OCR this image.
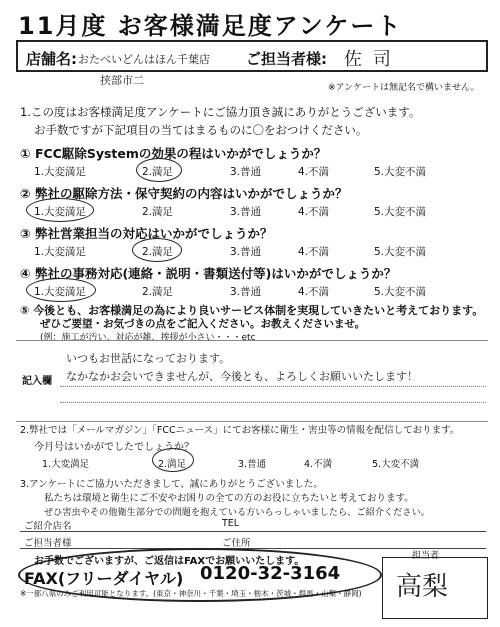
11月度 お客様満足度アンケート
店舗名: おたべいどんはほん千葉店 ご担当者様: 佐 司
挟部市二
※アンケートは無記名で構いません。
1.この度はお客様満足度アンケートにご協力頂き誠にありがとうございます。
お手数ですが下記項目の当てはまるものに〇をおつけください。
① FCC駆除Systemの効果の程はいかがでしょうか？
1.大変満足	2.満足	3.普通	4.不満	5.大変不満
② 弊社の駆除方法・保守契約の内容はいかがでしょうか？
1.大変満足	2.満足	3.普通	4.不満	5.大変不満
③ 弊社営業担当の対応はいかがでしょうか？
1.大変満足	2.満足	3.普通	4.不満	5.大変不満
④ 弊社の事務対応(連絡・説明・書類送付等)はいかがでしょうか？
1.大変満足	2.満足	3.普通	4.不満	5.大変不満
⑤ 今後とも、お客様満足の為により良いサービス体制を実現していきたいと考えております。
ぜひご要望・お気づきの点をご記入ください。お教えくださいませ。
(例：施工が汚い、対応が雑、挨拶が小さい・・・etc
記入欄
いつもお世話になっております。
なかなかお会いできませんが、今後とも、よろしくお願いいたします！
2.弊社では「メールマガジン」「FCCニュース」にてお客様に衛生・害虫等の情報を配信しております。
今月号はいかがでしたでしょうか？
1.大変満足	2.満足	3.普通	4.不満	5.大変不満
3.アンケートにご協力いただきまして、誠にありがとうございました。
私たちは環境と衛生にご不安やお困りの全ての方のお役に立ちたいと考えております。
ぜひ害虫やその他衛生部分での問題を抱えている方いらっしゃいましたら、ご紹介ください。
ご紹介店名	TEL
ご担当者様	ご住所
お手数でございますが、ご返信はFAXでお願いいたします。
FAX(フリーダイヤル) 0120-32-3164
※一都八県のみご利用可能となります。(東京・神奈川・千葉・埼玉・栃木・茨城・群馬・山梨・静岡)
担当者
高梨
